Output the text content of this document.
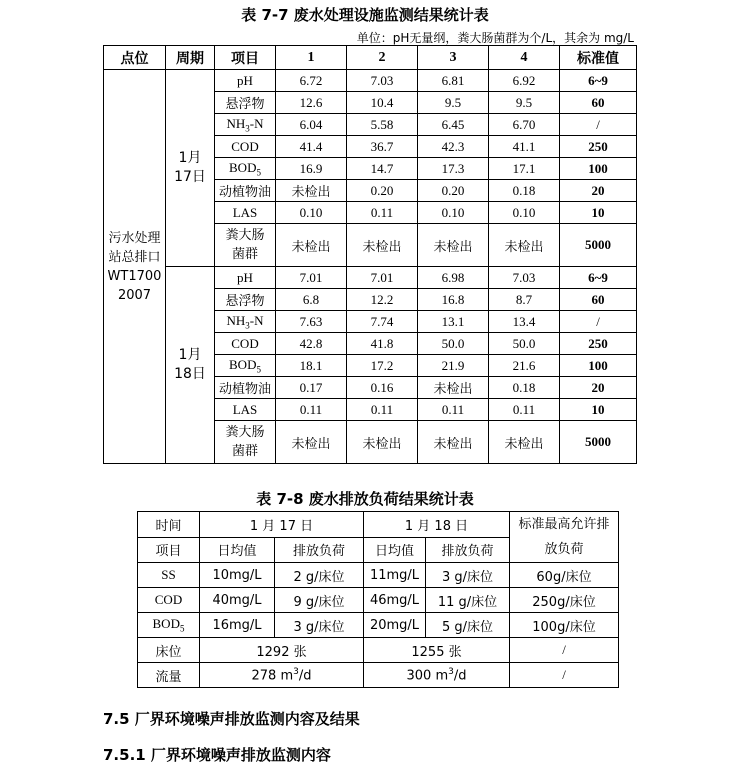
表 7-7 废水处理设施监测结果统计表
单位：pH无量纲，粪大肠菌群为个/L，其余为 mg/L
点位	周期	项目	1	2	3	4	标准值
污水处理站总排口WT17002007	1月17日	pH	6.72	7.03	6.81	6.92	6~9
		悬浮物	12.6	10.4	9.5	9.5	60
		$NH_3-N$	6.04	5.58	6.45	6.70	/
		COD	41.4	36.7	42.3	41.1	250
		$BOD_5$	16.9	14.7	17.3	17.1	100
		动植物油	未检出	0.20	0.20	0.18	20
		LAS	0.10	0.11	0.10	0.10	10
		粪大肠菌群	未检出	未检出	未检出	未检出	5000
	1月18日	pH	7.01	7.01	6.98	7.03	6~9
		悬浮物	6.8	12.2	16.8	8.7	60
		$NH_3-N$	7.63	7.74	13.1	13.4	/
		COD	42.8	41.8	50.0	50.0	250
		$BOD_5$	18.1	17.2	21.9	21.6	100
		动植物油	0.17	0.16	未检出	0.18	20
		LAS	0.11	0.11	0.11	0.11	10
		粪大肠菌群	未检出	未检出	未检出	未检出	5000
表 7-8 废水排放负荷结果统计表
时间	1 月 17 日		1 月 18 日		标准最高允许排放负荷
项目	日均值	排放负荷	日均值	排放负荷	
SS	10mg/L	2 g/床位	11mg/L	3 g/床位	60g/床位
COD	40mg/L	9 g/床位	46mg/L	11 g/床位	250g/床位
$BOD_5$	16mg/L	3 g/床位	20mg/L	5 g/床位	100g/床位
床位	1292 张		1255 张		/
流量	278 $m^3/d$		300 $m^3/d$		/
7.5 厂界环境噪声排放监测内容及结果
7.5.1 厂界环境噪声排放监测内容
